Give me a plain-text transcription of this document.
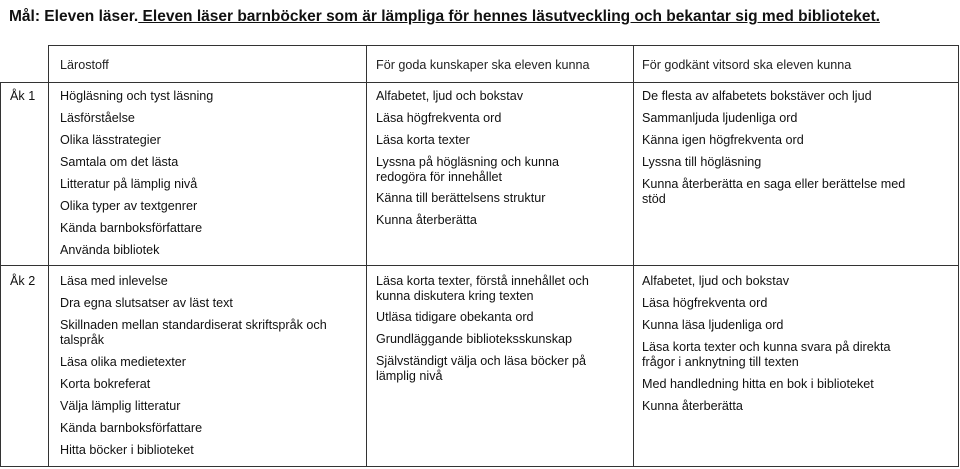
Mål: Eleven läser. Eleven läser barnböcker som är lämpliga för hennes läsutveckling och bekantar sig med biblioteket.
Lärostoff	För goda kunskaper ska eleven kunna	För godkänt vitsord ska eleven kunna
Åk 1 Högläsning och tyst läsning

Läsförståelse

Olika lässtrategier

Samtala om det lästa

Litteratur på lämplig nivå

Olika typer av textgenrer

Kända barnboksförfattare

Använda bibliotek

Alfabetet, ljud och bokstav

Läsa högfrekventa ord

Läsa korta texter

Lyssna på högläsning och kunna

redogöra för innehållet

Känna till berättelsens struktur

Kunna återberätta

De flesta av alfabetets bokstäver och ljud

Sammanljuda ljudenliga ord

Känna igen högfrekventa ord

Lyssna till högläsning

Kunna återberätta en saga eller berättelse med

stöd

Åk 2 Läsa med inlevelse

Dra egna slutsatser av läst text

Skillnaden mellan standardiserat skriftspråk och

talspråk

Läsa olika medietexter

Korta bokreferat

Välja lämplig litteratur

Kända barnboksförfattare

Hitta böcker i biblioteket

Läsa korta texter, förstå innehållet och

kunna diskutera kring texten

Utläsa tidigare obekanta ord

Grundläggande biblioteksskunskap

Självständigt välja och läsa böcker på

lämplig nivå

Alfabetet, ljud och bokstav

Läsa högfrekventa ord

Kunna läsa ljudenliga ord

Läsa korta texter och kunna svara på direkta

frågor i anknytning till texten

Med handledning hitta en bok i biblioteket

Kunna återberätta
